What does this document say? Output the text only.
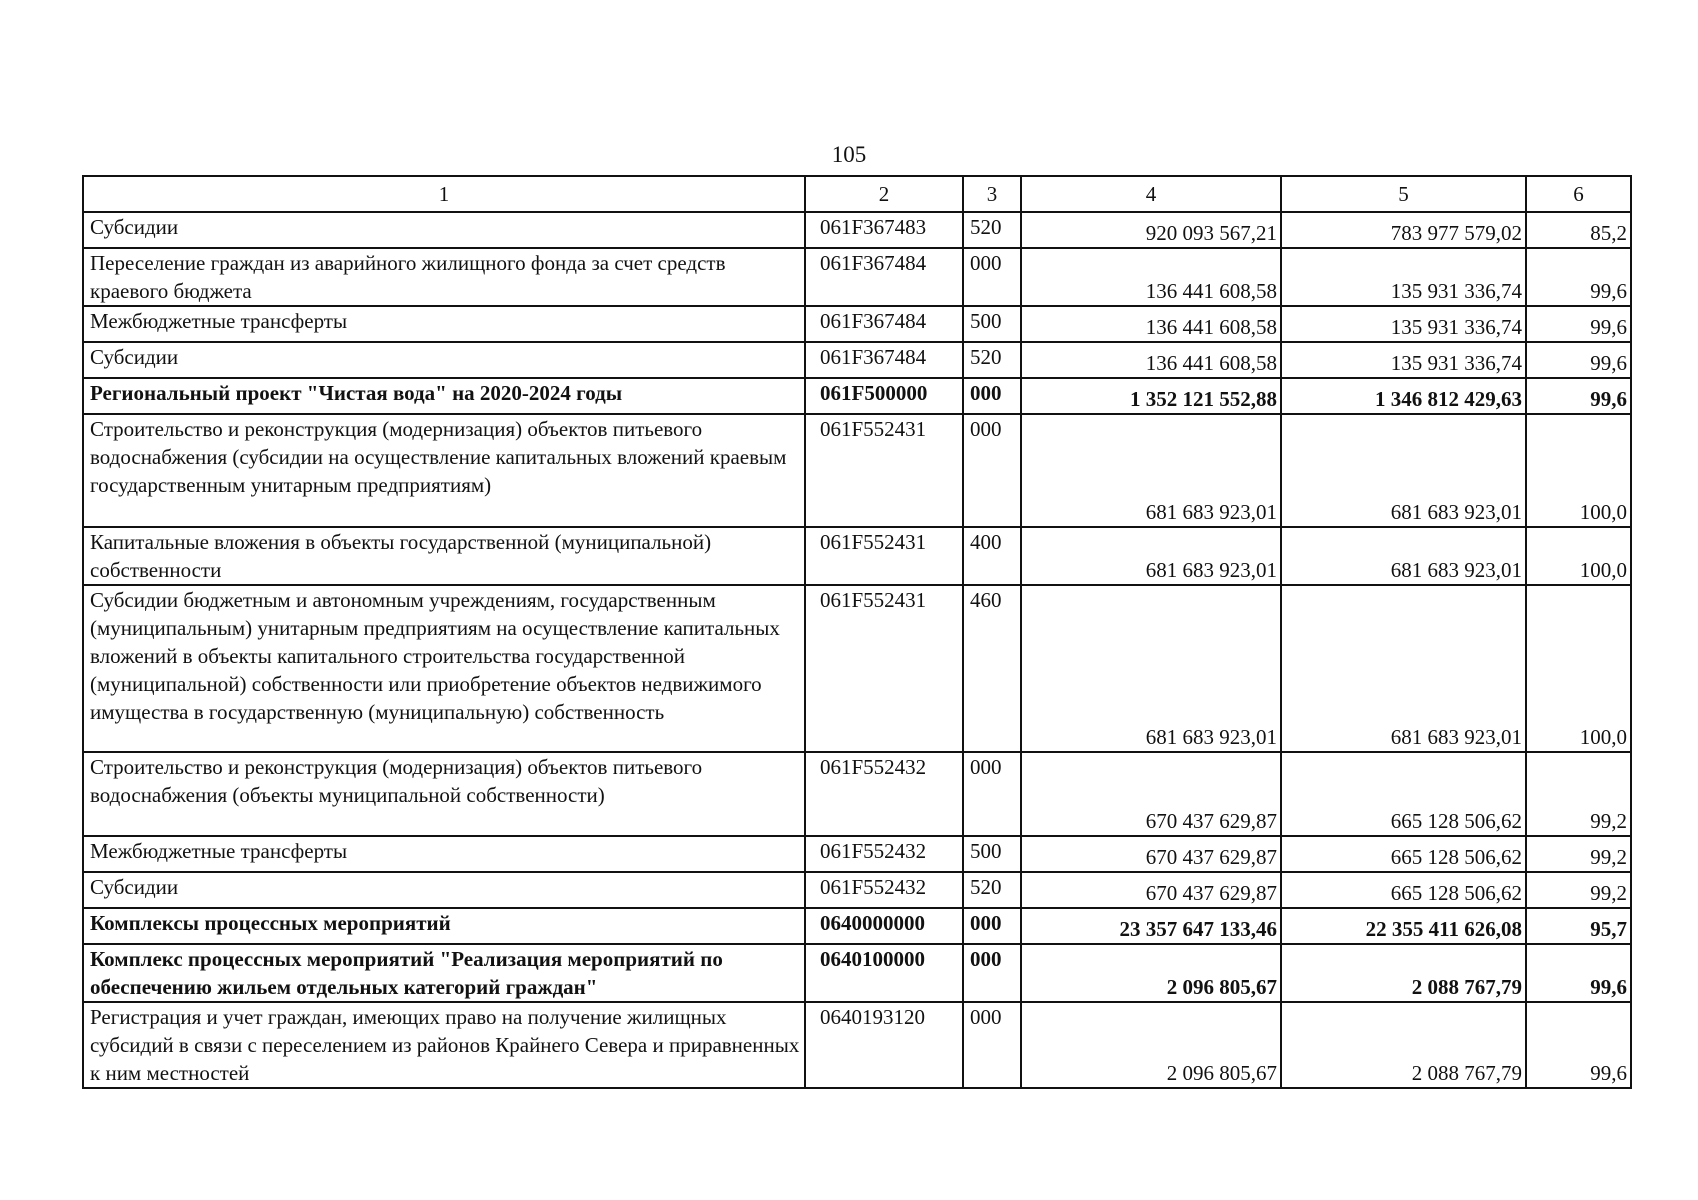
105
1	2	3	4	5	6
Субсидии	061F367483	520	920 093 567,21	783 977 579,02	85,2
Переселение граждан из аварийного жилищного фонда за счет средств краевого бюджета	061F367484	000	136 441 608,58	135 931 336,74	99,6
Межбюджетные трансферты	061F367484	500	136 441 608,58	135 931 336,74	99,6
Субсидии	061F367484	520	136 441 608,58	135 931 336,74	99,6
Региональный проект "Чистая вода" на 2020-2024 годы	061F500000	000	1 352 121 552,88	1 346 812 429,63	99,6
Строительство и реконструкция (модернизация) объектов питьевого водоснабжения (субсидии на осуществление капитальных вложений краевым государственным унитарным предприятиям)	061F552431	000	681 683 923,01	681 683 923,01	100,0
Капитальные вложения в объекты государственной (муниципальной) собственности	061F552431	400	681 683 923,01	681 683 923,01	100,0
Субсидии бюджетным и автономным учреждениям, государственным (муниципальным) унитарным предприятиям на осуществление капитальных вложений в объекты капитального строительства государственной (муниципальной) собственности или приобретение объектов недвижимого имущества в государственную (муниципальную) собственность	061F552431	460	681 683 923,01	681 683 923,01	100,0
Строительство и реконструкция (модернизация) объектов питьевого водоснабжения (объекты муниципальной собственности)	061F552432	000	670 437 629,87	665 128 506,62	99,2
Межбюджетные трансферты	061F552432	500	670 437 629,87	665 128 506,62	99,2
Субсидии	061F552432	520	670 437 629,87	665 128 506,62	99,2
Комплексы процессных мероприятий	0640000000	000	23 357 647 133,46	22 355 411 626,08	95,7
Комплекс процессных мероприятий "Реализация мероприятий по обеспечению жильем отдельных категорий граждан"	0640100000	000	2 096 805,67	2 088 767,79	99,6
Регистрация и учет граждан, имеющих право на получение жилищных субсидий в связи с переселением из районов Крайнего Севера и приравненных к ним местностей	0640193120	000	2 096 805,67	2 088 767,79	99,6
